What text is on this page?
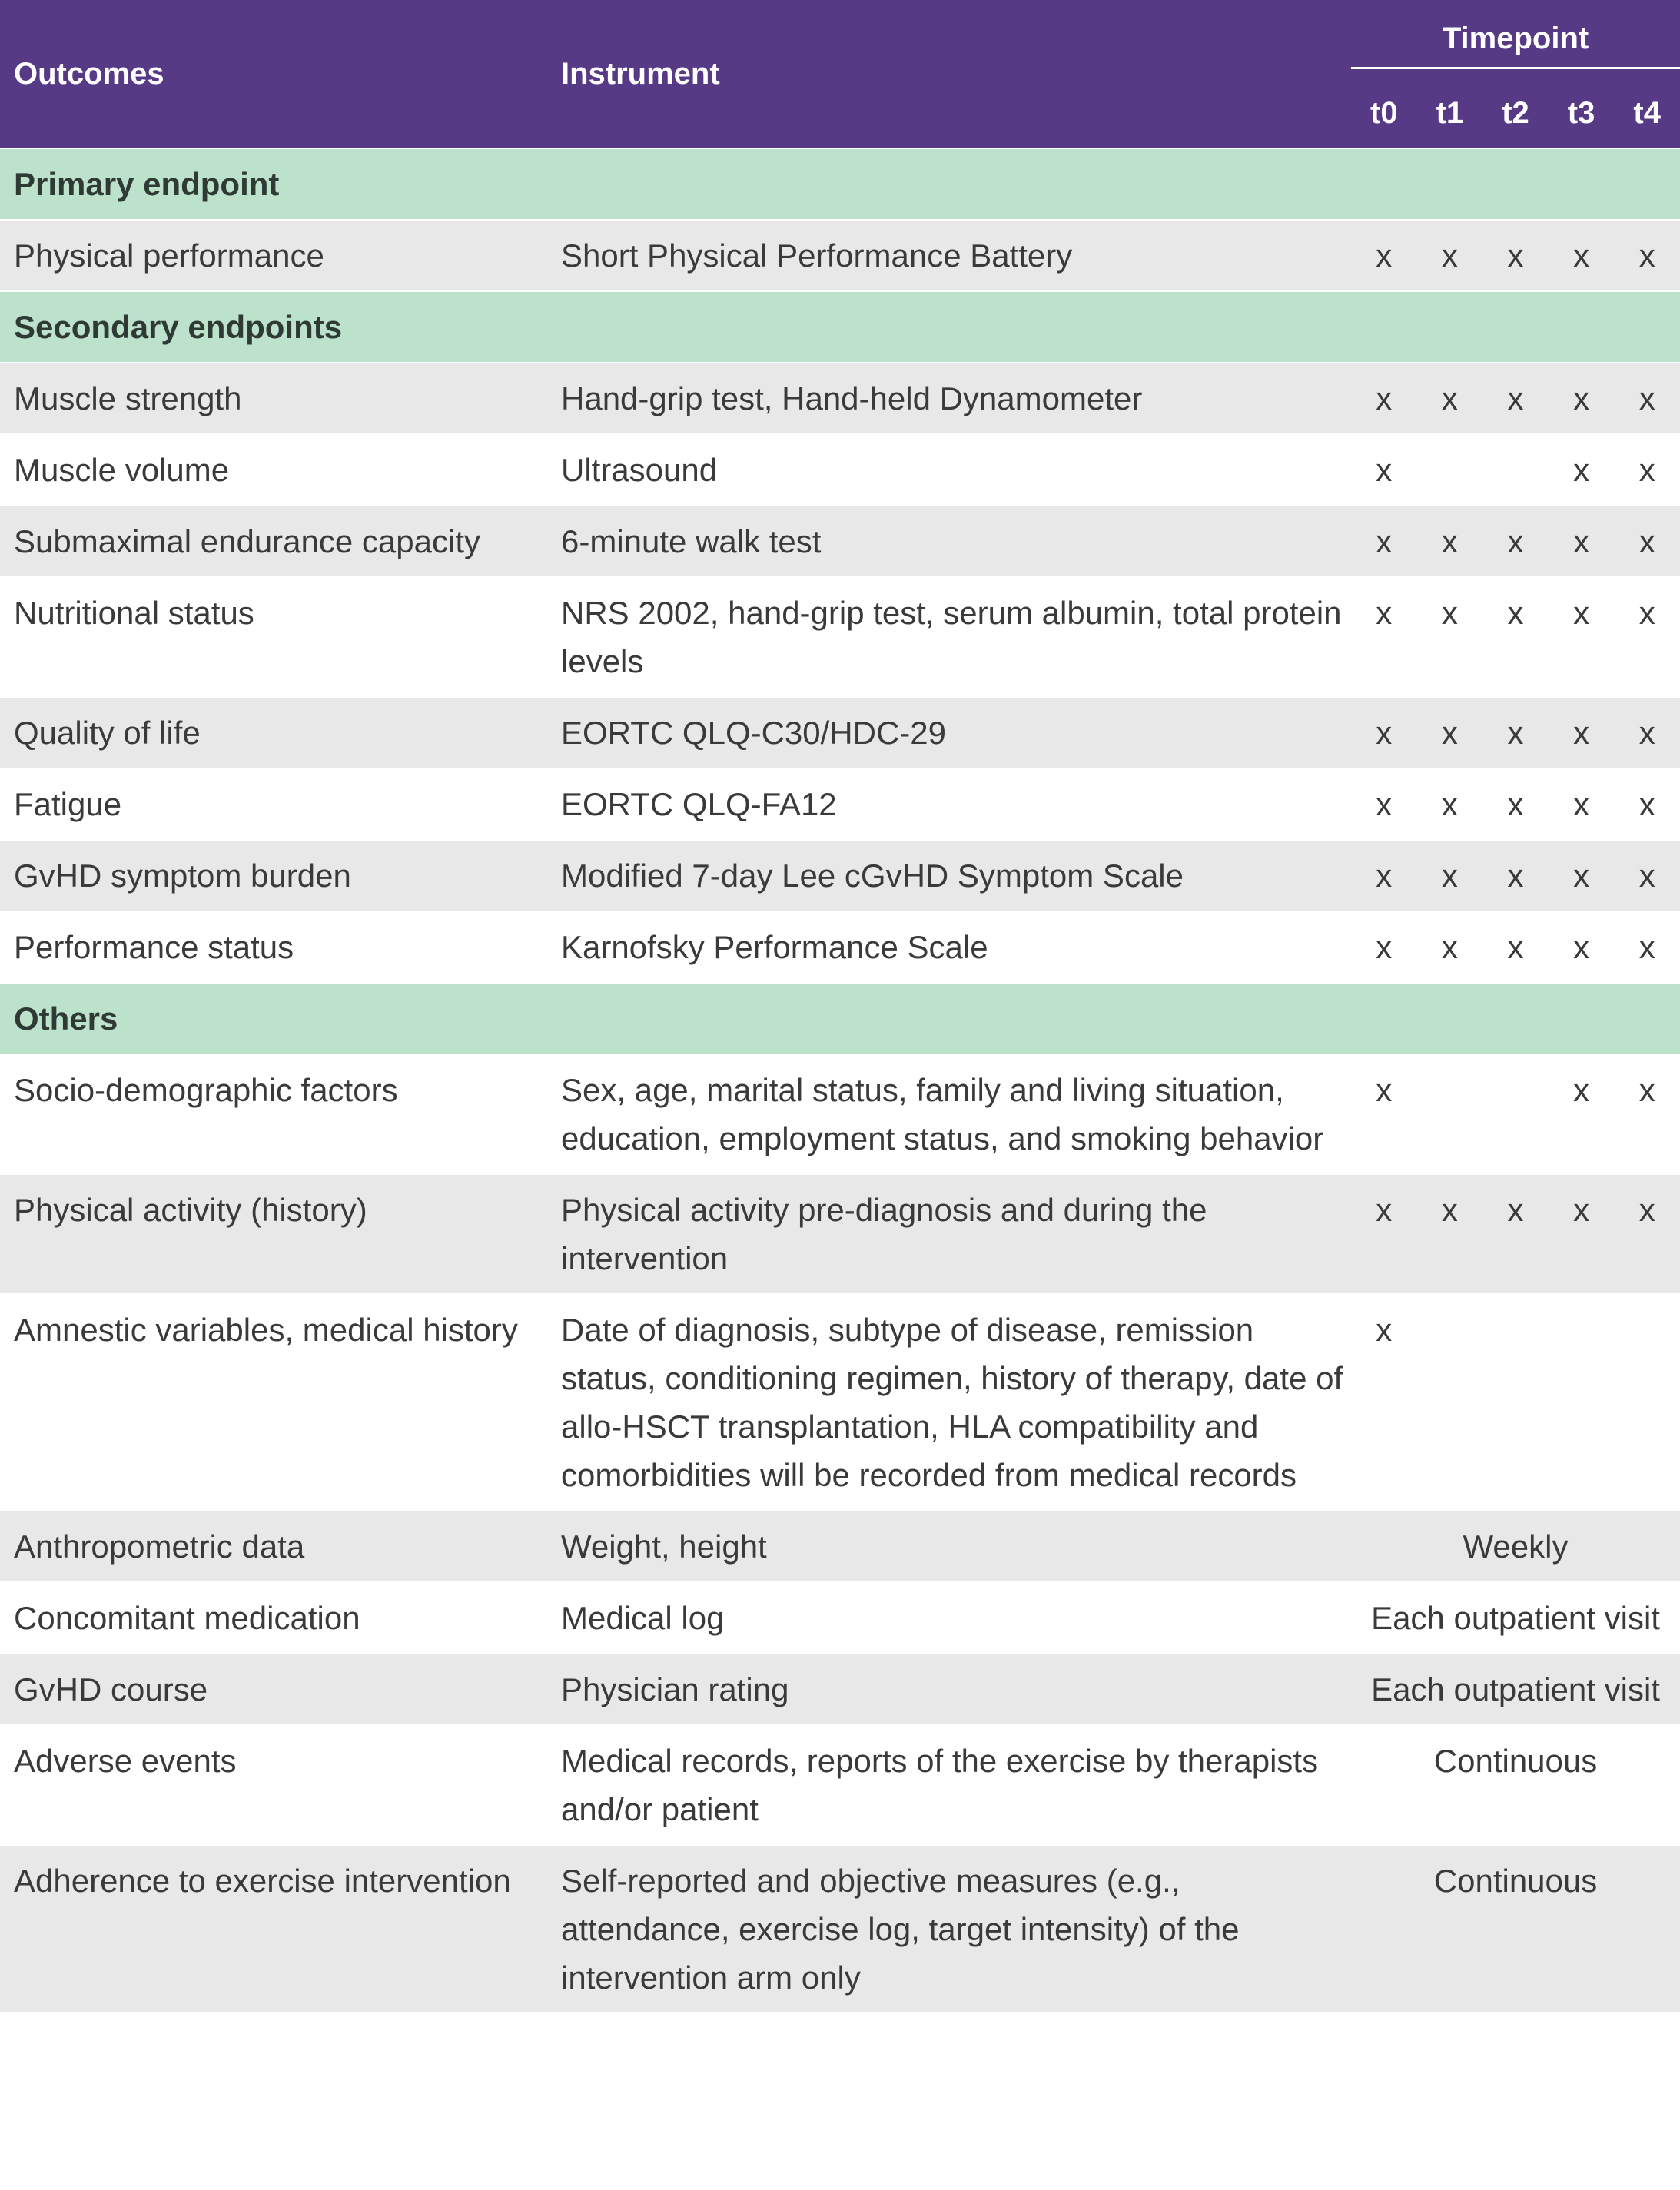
Outcomes	Instrument	Timepoint				

		t0	t1	t2	t3	t4
Primary endpoint						
Physical performance	Short Physical Performance Battery	x	x	x	x	x
Secondary endpoints						
Muscle strength	Hand-grip test, Hand-held Dynamometer	x	x	x	x	x
Muscle volume	Ultrasound	x			x	x
Submaximal endurance capacity	6-minute walk test	x	x	x	x	x
Nutritional status	NRS 2002, hand-grip test, serum albumin, total protein levels	x	x	x	x	x
Quality of life	EORTC QLQ-C30/HDC-29	x	x	x	x	x
Fatigue	EORTC QLQ-FA12	x	x	x	x	x
GvHD symptom burden	Modified 7-day Lee cGvHD Symptom Scale	x	x	x	x	x
Performance status	Karnofsky Performance Scale	x	x	x	x	x
Others						
Socio-demographic factors	Sex, age, marital status, family and living situation, education, employment status, and smoking behavior	x			x	x
Physical activity (history)	Physical activity pre-diagnosis and during the intervention	x	x	x	x	x
Amnestic variables, medical history	Date of diagnosis, subtype of disease, remission status, conditioning regimen, history of therapy, date of allo-HSCT transplantation, HLA compatibility and comorbidities will be recorded from medical records	x				
Anthropometric data	Weight, height	Weekly				
Concomitant medication	Medical log	Each outpatient visit				
GvHD course	Physician rating	Each outpatient visit				
Adverse events	Medical records, reports of the exercise by therapists and/or patient	Continuous				
Adherence to exercise intervention	Self-reported and objective measures (e.g., attendance, exercise log, target intensity) of the intervention arm only	Continuous				
